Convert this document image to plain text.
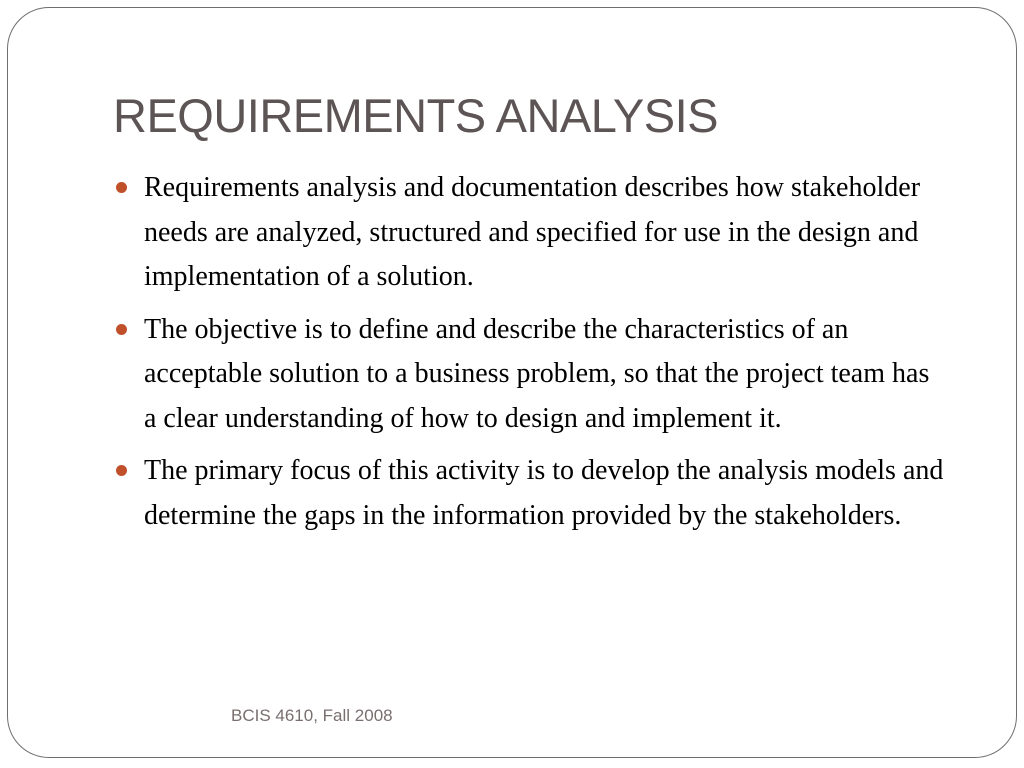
REQUIREMENTS ANALYSIS
Requirements analysis and documentation describes how stakeholder needs are analyzed, structured and specified for use in the design and implementation of a solution.
The objective is to define and describe the characteristics of an acceptable solution to a business problem, so that the project team has a clear understanding of how to design and implement it.
The primary focus of this activity is to develop the analysis models and determine the gaps in the information provided by the stakeholders.
BCIS 4610, Fall 2008
